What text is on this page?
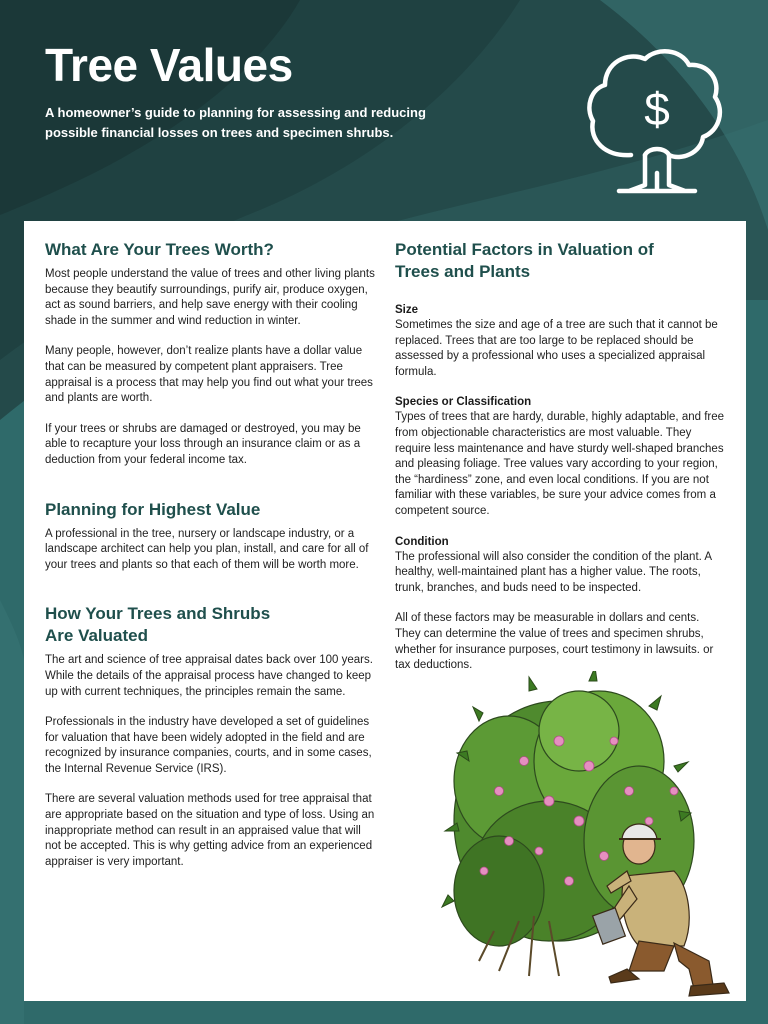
Tree Values

A homeowner’s guide to planning for assessing and reducing possible financial losses on trees and specimen shrubs.	$
What Are Your Trees Worth?

Most people understand the value of trees and other living plants because they beautify surroundings, purify air, produce oxygen, act as sound barriers, and help save energy with their cooling shade in the summer and wind reduction in winter.

Many people, however, don’t realize plants have a dollar value that can be measured by competent plant appraisers. Tree appraisal is a process that may help you find out what your trees and plants are worth.

If your trees or shrubs are damaged or destroyed, you may be able to recapture your loss through an insurance claim or as a deduction from your federal income tax.

Planning for Highest Value

A professional in the tree, nursery or landscape industry, or a landscape architect can help you plan, install, and care for all of your trees and plants so that each of them will be worth more.

How Your Trees and Shrubs Are Valuated

The art and science of tree appraisal dates back over 100 years. While the details of the appraisal process have changed to keep up with current techniques, the principles remain the same.

Professionals in the industry have developed a set of guidelines for valuation that have been widely adopted in the field and are recognized by insurance companies, courts, and in some cases, the Internal Revenue Service (IRS).

There are several valuation methods used for tree appraisal that are appropriate based on the situation and type of loss. Using an inappropriate method can result in an appraised value that will not be accepted. This is why getting advice from an experienced appraiser is very important.

Potential Factors in Valuation of Trees and Plants
Size

Sometimes the size and age of a tree are such that it cannot be replaced. Trees that are too large to be replaced should be assessed by a professional who uses a specialized appraisal formula.

Species or Classification

Types of trees that are hardy, durable, highly adaptable, and free from objectionable characteristics are most valuable. They require less maintenance and have sturdy well-shaped branches and pleasing foliage. Tree values vary according to your region, the “hardiness” zone, and even local conditions. If you are not familiar with these variables, be sure your advice comes from a competent source.

Condition

The professional will also consider the condition of the plant. A healthy, well-maintained plant has a higher value. The roots, trunk, branches, and buds need to be inspected.

All of these factors may be measurable in dollars and cents. They can determine the value of trees and specimen shrubs, whether for insurance purposes, court testimony in lawsuits. or tax deductions.
